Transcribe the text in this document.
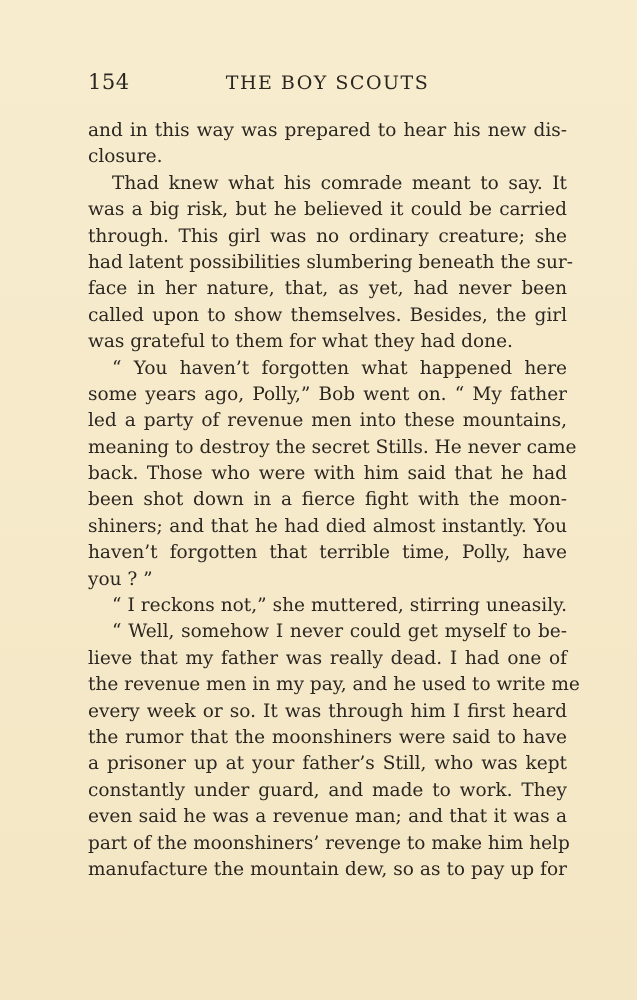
154	THE BOY SCOUTS
and in this way was prepared to hear his new dis-
closure.
Thad knew what his comrade meant to say. It
was a big risk, but he believed it could be carried
through. This girl was no ordinary creature; she
had latent possibilities slumbering beneath the sur-
face in her nature, that, as yet, had never been
called upon to show themselves. Besides, the girl
was grateful to them for what they had done.
“ You haven’t forgotten what happened here
some years ago, Polly,” Bob went on. “ My father
led a party of revenue men into these mountains,
meaning to destroy the secret Stills. He never came
back. Those who were with him said that he had
been shot down in a fierce fight with the moon-
shiners; and that he had died almost instantly. You
haven’t forgotten that terrible time, Polly, have
you ? ”
“ I reckons not,” she muttered, stirring uneasily.
“ Well, somehow I never could get myself to be-
lieve that my father was really dead. I had one of
the revenue men in my pay, and he used to write me
every week or so. It was through him I first heard
the rumor that the moonshiners were said to have
a prisoner up at your father’s Still, who was kept
constantly under guard, and made to work. They
even said he was a revenue man; and that it was a
part of the moonshiners’ revenge to make him help
manufacture the mountain dew, so as to pay up for
